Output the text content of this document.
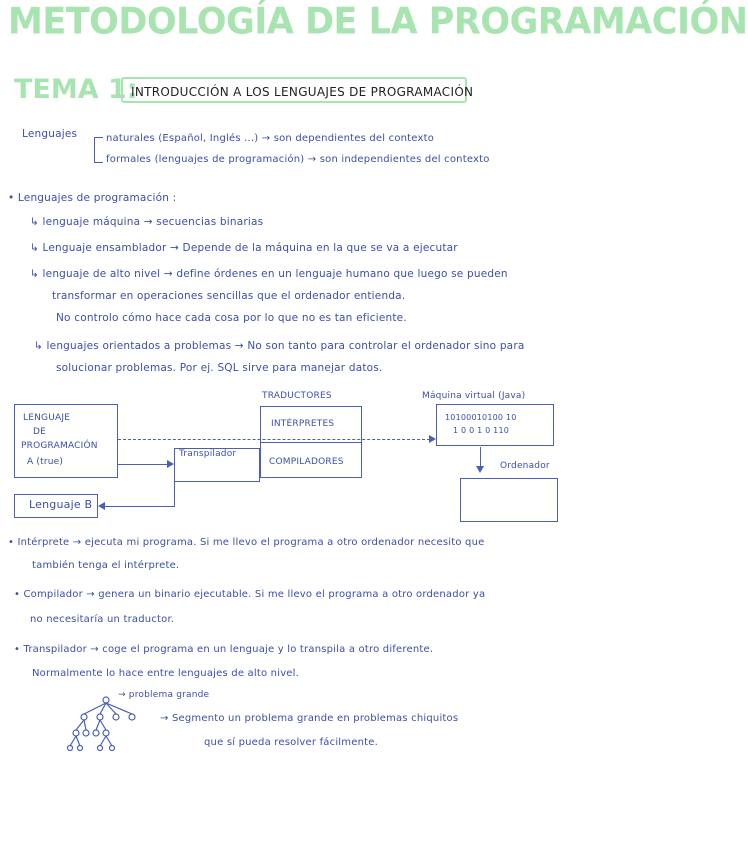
METODOLOGÍA DE LA PROGRAMACIÓN
TEMA 1:
INTRODUCCIÓN A LOS LENGUAJES DE PROGRAMACIÓN
Lenguajes	naturales (Español, Inglés ...) → son dependientes del contexto
formales (lenguajes de programación) → son independientes del contexto
• Lenguajes de programación :
↳ lenguaje máquina → secuencias binarias
↳ Lenguaje ensamblador → Depende de la máquina en la que se va a ejecutar
↳ lenguaje de alto nivel → define órdenes en un lenguaje humano que luego se pueden
transformar en operaciones sencillas que el ordenador entienda.
No controlo cómo hace cada cosa por lo que no es tan eficiente.
↳ lenguajes orientados a problemas → No son tanto para controlar el ordenador sino para
solucionar problemas. Por ej. SQL sirve para manejar datos.
TRADUCTORES	Máquina virtual (Java)
LENGUAJE
DE
PROGRAMACIÓN
A (true)
INTÉRPRETES
COMPILADORES
Transpilador
10100010100 10
1 0 0 1 0 110
Lenguaje B
Ordenador
• Intérprete → ejecuta mi programa. Si me llevo el programa a otro ordenador necesito que
también tenga el intérprete.
• Compilador → genera un binario ejecutable. Si me llevo el programa a otro ordenador ya
no necesitaría un traductor.
• Transpilador → coge el programa en un lenguaje y lo transpila a otro diferente.
Normalmente lo hace entre lenguajes de alto nivel.
→ problema grande
→ Segmento un problema grande en problemas chiquitos
que sí pueda resolver fácilmente.
